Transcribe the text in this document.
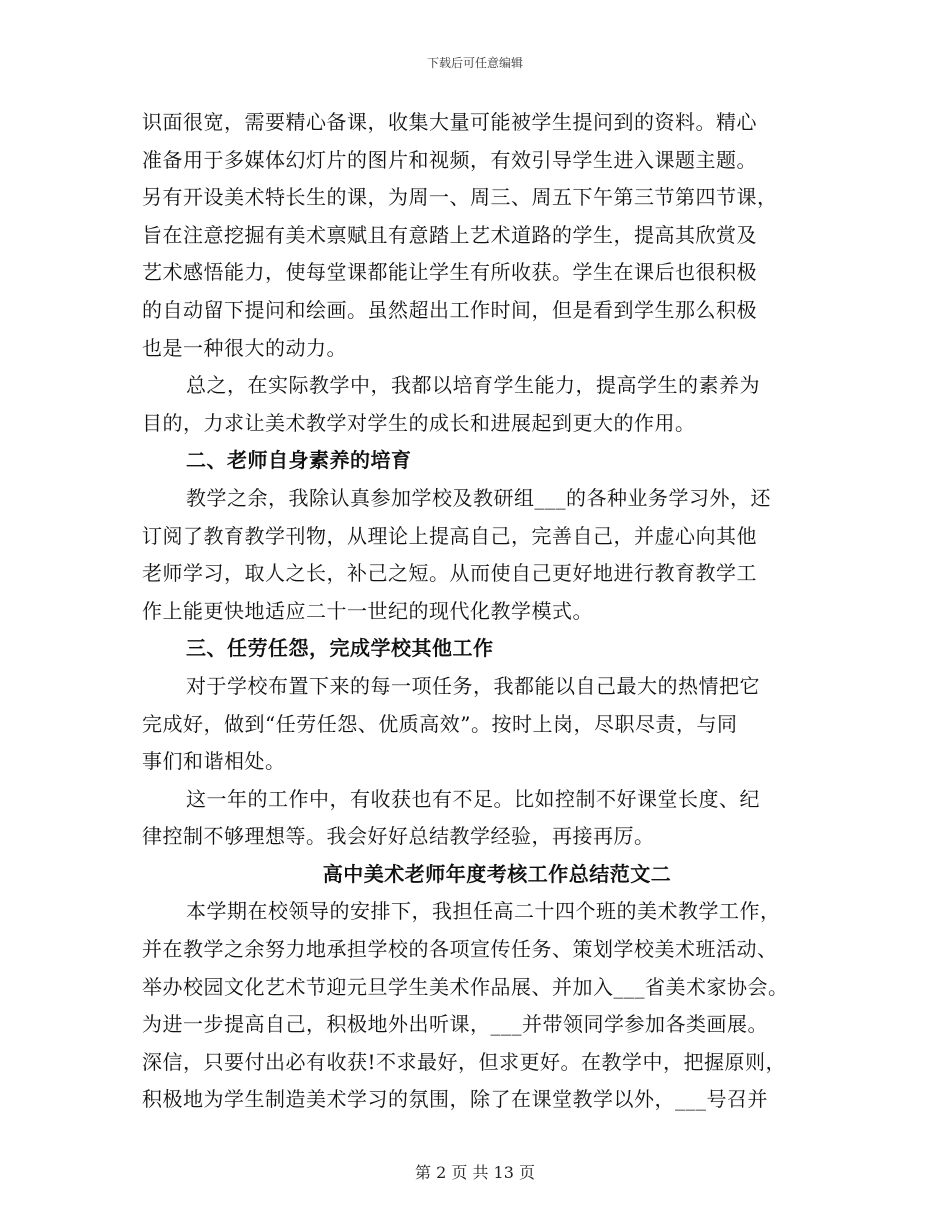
下载后可任意编辑
识面很宽，需要精心备课，收集大量可能被学生提问到的资料。精心
准备用于多媒体幻灯片的图片和视频，有效引导学生进入课题主题。
另有开设美术特长生的课，为周一、周三、周五下午第三节第四节课，
旨在注意挖掘有美术禀赋且有意踏上艺术道路的学生，提高其欣赏及
艺术感悟能力，使每堂课都能让学生有所收获。学生在课后也很积极
的自动留下提问和绘画。虽然超出工作时间，但是看到学生那么积极
也是一种很大的动力。
总之，在实际教学中，我都以培育学生能力，提高学生的素养为
目的，力求让美术教学对学生的成长和进展起到更大的作用。
二、老师自身素养的培育
教学之余，我除认真参加学校及教研组___的各种业务学习外，还
订阅了教育教学刊物，从理论上提高自己，完善自己，并虚心向其他
老师学习，取人之长，补己之短。从而使自己更好地进行教育教学工
作上能更快地适应二十一世纪的现代化教学模式。
三、任劳任怨，完成学校其他工作
对于学校布置下来的每一项任务，我都能以自己最大的热情把它
完成好，做到“任劳任怨、优质高效”。按时上岗，尽职尽责，与同
事们和谐相处。
这一年的工作中，有收获也有不足。比如控制不好课堂长度、纪
律控制不够理想等。我会好好总结教学经验，再接再厉。
高中美术老师年度考核工作总结范文二
本学期在校领导的安排下，我担任高二十四个班的美术教学工作，
并在教学之余努力地承担学校的各项宣传任务、策划学校美术班活动、
举办校园文化艺术节迎元旦学生美术作品展、并加入___省美术家协会。
为进一步提高自己，积极地外出听课，___并带领同学参加各类画展。
深信，只要付出必有收获!不求最好，但求更好。在教学中，把握原则，
积极地为学生制造美术学习的氛围，除了在课堂教学以外，___号召并
第 2 页 共 13 页
